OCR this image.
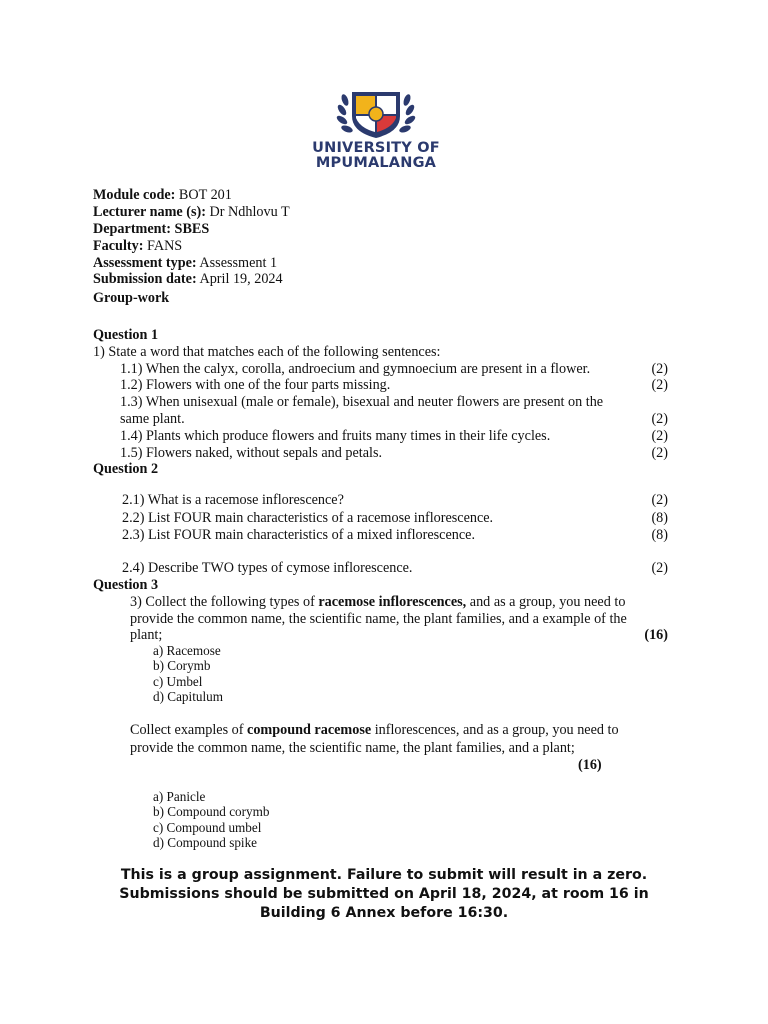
UNIVERSITY OF
MPUMALANGA
Module code: BOT 201
Lecturer name (s): Dr Ndhlovu T
Department: SBES
Faculty: FANS
Assessment type: Assessment 1
Submission date: April 19, 2024
Group-work
Question 1
1) State a word that matches each of the following sentences:
1.1) When the calyx, corolla, androecium and gymnoecium are present in a flower.	(2)
1.2) Flowers with one of the four parts missing.	(2)
1.3) When unisexual (male or female), bisexual and neuter flowers are present on the
same plant.	(2)
1.4) Plants which produce flowers and fruits many times in their life cycles.	(2)
1.5) Flowers naked, without sepals and petals.	(2)
Question 2
2.1) What is a racemose inflorescence?	(2)
2.2) List FOUR main characteristics of a racemose inflorescence.	(8)
2.3) List FOUR main characteristics of a mixed inflorescence.	(8)
2.4) Describe TWO types of cymose inflorescence.	(2)
Question 3
3) Collect the following types of racemose inflorescences, and as a group, you need to
provide the common name, the scientific name, the plant families, and a example of the
plant;	(16)
a) Racemose
b) Corymb
c) Umbel
d) Capitulum
Collect examples of compound racemose inflorescences, and as a group, you need to
provide the common name, the scientific name, the plant families, and a plant;
(16)
a) Panicle
b) Compound corymb
c) Compound umbel
d) Compound spike
This is a group assignment. Failure to submit will result in a zero.
Submissions should be submitted on April 18, 2024, at room 16 in
Building 6 Annex before 16:30.
